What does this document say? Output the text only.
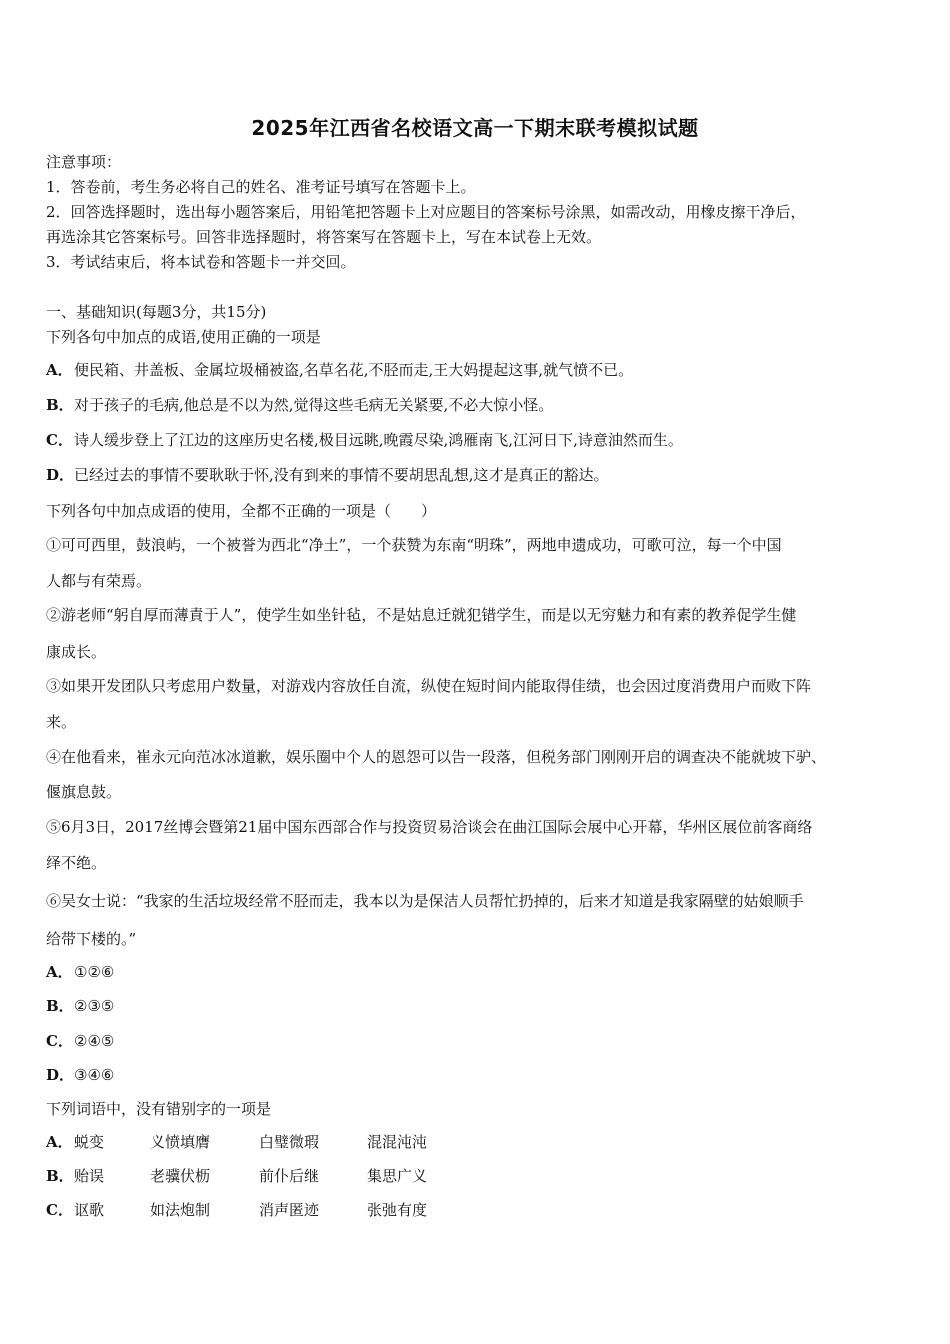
2025年江西省名校语文高一下期末联考模拟试题
注意事项：
1．答卷前，考生务必将自己的姓名、准考证号填写在答题卡上。
2．回答选择题时，选出每小题答案后，用铅笔把答题卡上对应题目的答案标号涂黑，如需改动，用橡皮擦干净后，
再选涂其它答案标号。回答非选择题时，将答案写在答题卡上，写在本试卷上无效。
3．考试结束后，将本试卷和答题卡一并交回。
一、基础知识(每题3分，共15分)
下列各句中加点的成语,使用正确的一项是
A．便民箱、井盖板、金属垃圾桶被盗,名草名花,不胫而走,王大妈提起这事,就气愤不已。
B．对于孩子的毛病,他总是不以为然,觉得这些毛病无关紧要,不必大惊小怪。
C．诗人缓步登上了江边的这座历史名楼,极目远眺,晚霞尽染,鸿雁南飞,江河日下,诗意油然而生。
D．已经过去的事情不要耿耿于怀,没有到来的事情不要胡思乱想,这才是真正的豁达。
下列各句中加点成语的使用，全都不正确的一项是（　　）
①可可西里，鼓浪屿，一个被誉为西北“净土”，一个获赞为东南“明珠”，两地申遗成功，可歌可泣，每一个中国
人都与有荣焉。
②游老师“躬自厚而薄責于人”，使学生如坐针毡，不是姑息迁就犯错学生，而是以无穷魅力和有素的教养促学生健
康成长。
③如果开发团队只考虑用户数量，对游戏内容放任自流，纵使在短时间内能取得佳绩，也会因过度消费用户而败下阵
来。
④在他看来，崔永元向范冰冰道歉，娱乐圈中个人的恩怨可以告一段落，但税务部门刚刚开启的调查决不能就坡下驴、
偃旗息鼓。
⑤6月3日，2017丝博会暨第21届中国东西部合作与投资贸易洽谈会在曲江国际会展中心开幕，华州区展位前客商络
绎不绝。
⑥吴女士说：“我家的生活垃圾经常不胫而走，我本以为是保洁人员帮忙扔掉的，后来才知道是我家隔壁的姑娘顺手
给带下楼的。”
A．①②⑥
B．②③⑤
C．②④⑤
D．③④⑥
下列词语中，没有错别字的一项是
A． 蜕变	义愤填膺	白璧微瑕	混混沌沌
B． 贻误	老骥伏枥	前仆后继	集思广义
C． 讴歌	如法炮制	消声匿迹	张弛有度
